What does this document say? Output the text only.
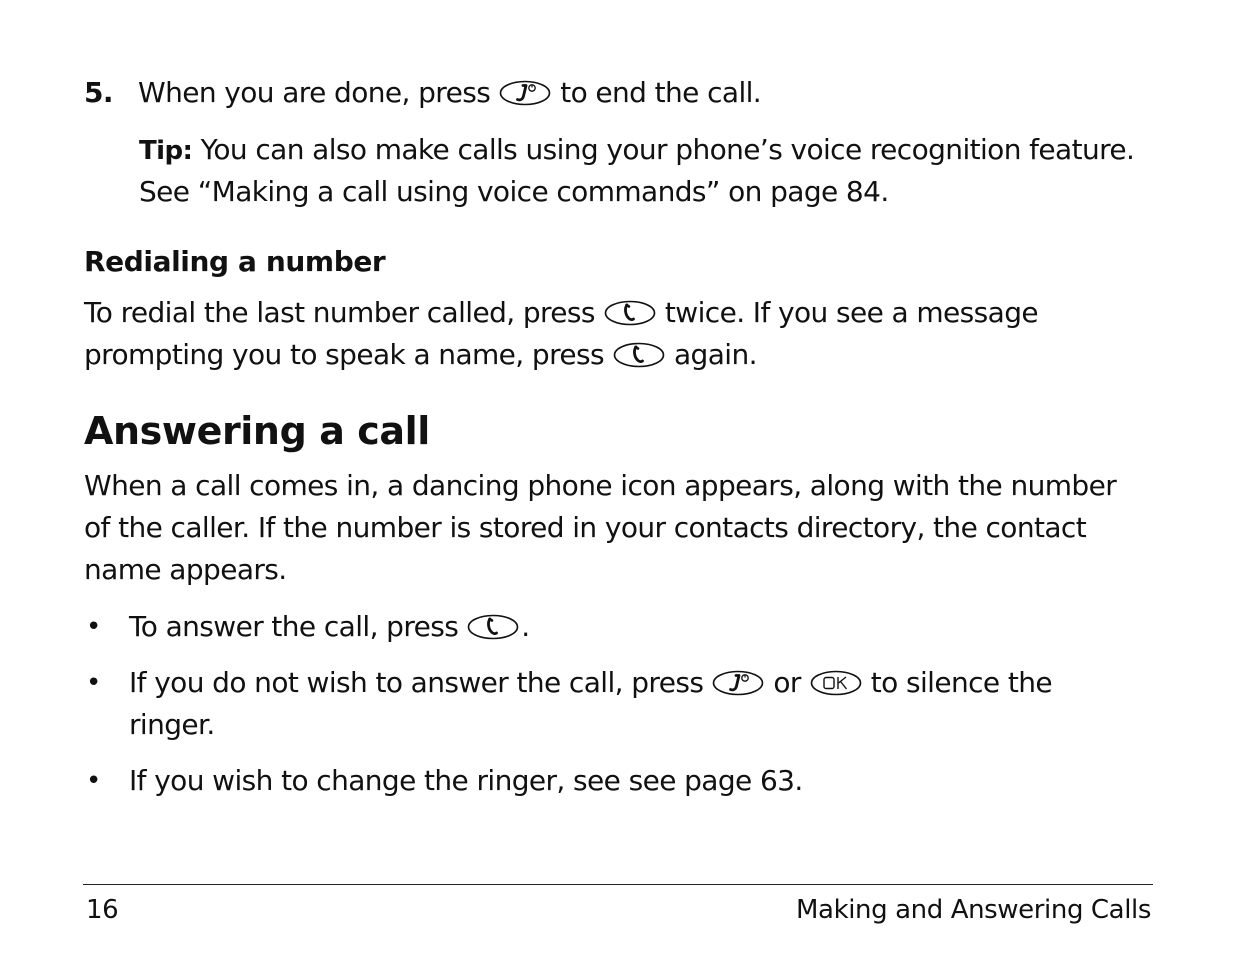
5. When you are done, press	to end the call.
Tip: You can also make calls using your phone’s voice recognition feature.
See “Making a call using voice commands” on page 84.
Redialing a number
To redial the last number called, press	twice. If you see a message
prompting you to speak a name, press	again.
Answering a call
When a call comes in, a dancing phone icon appears, along with the number
of the caller. If the number is stored in your contacts directory, the contact
name appears.
• To answer the call, press .
• If you do not wish to answer the call, press	or	to silence the
ringer.
• If you wish to change the ringer, see see page 63.
16	Making and Answering Calls
